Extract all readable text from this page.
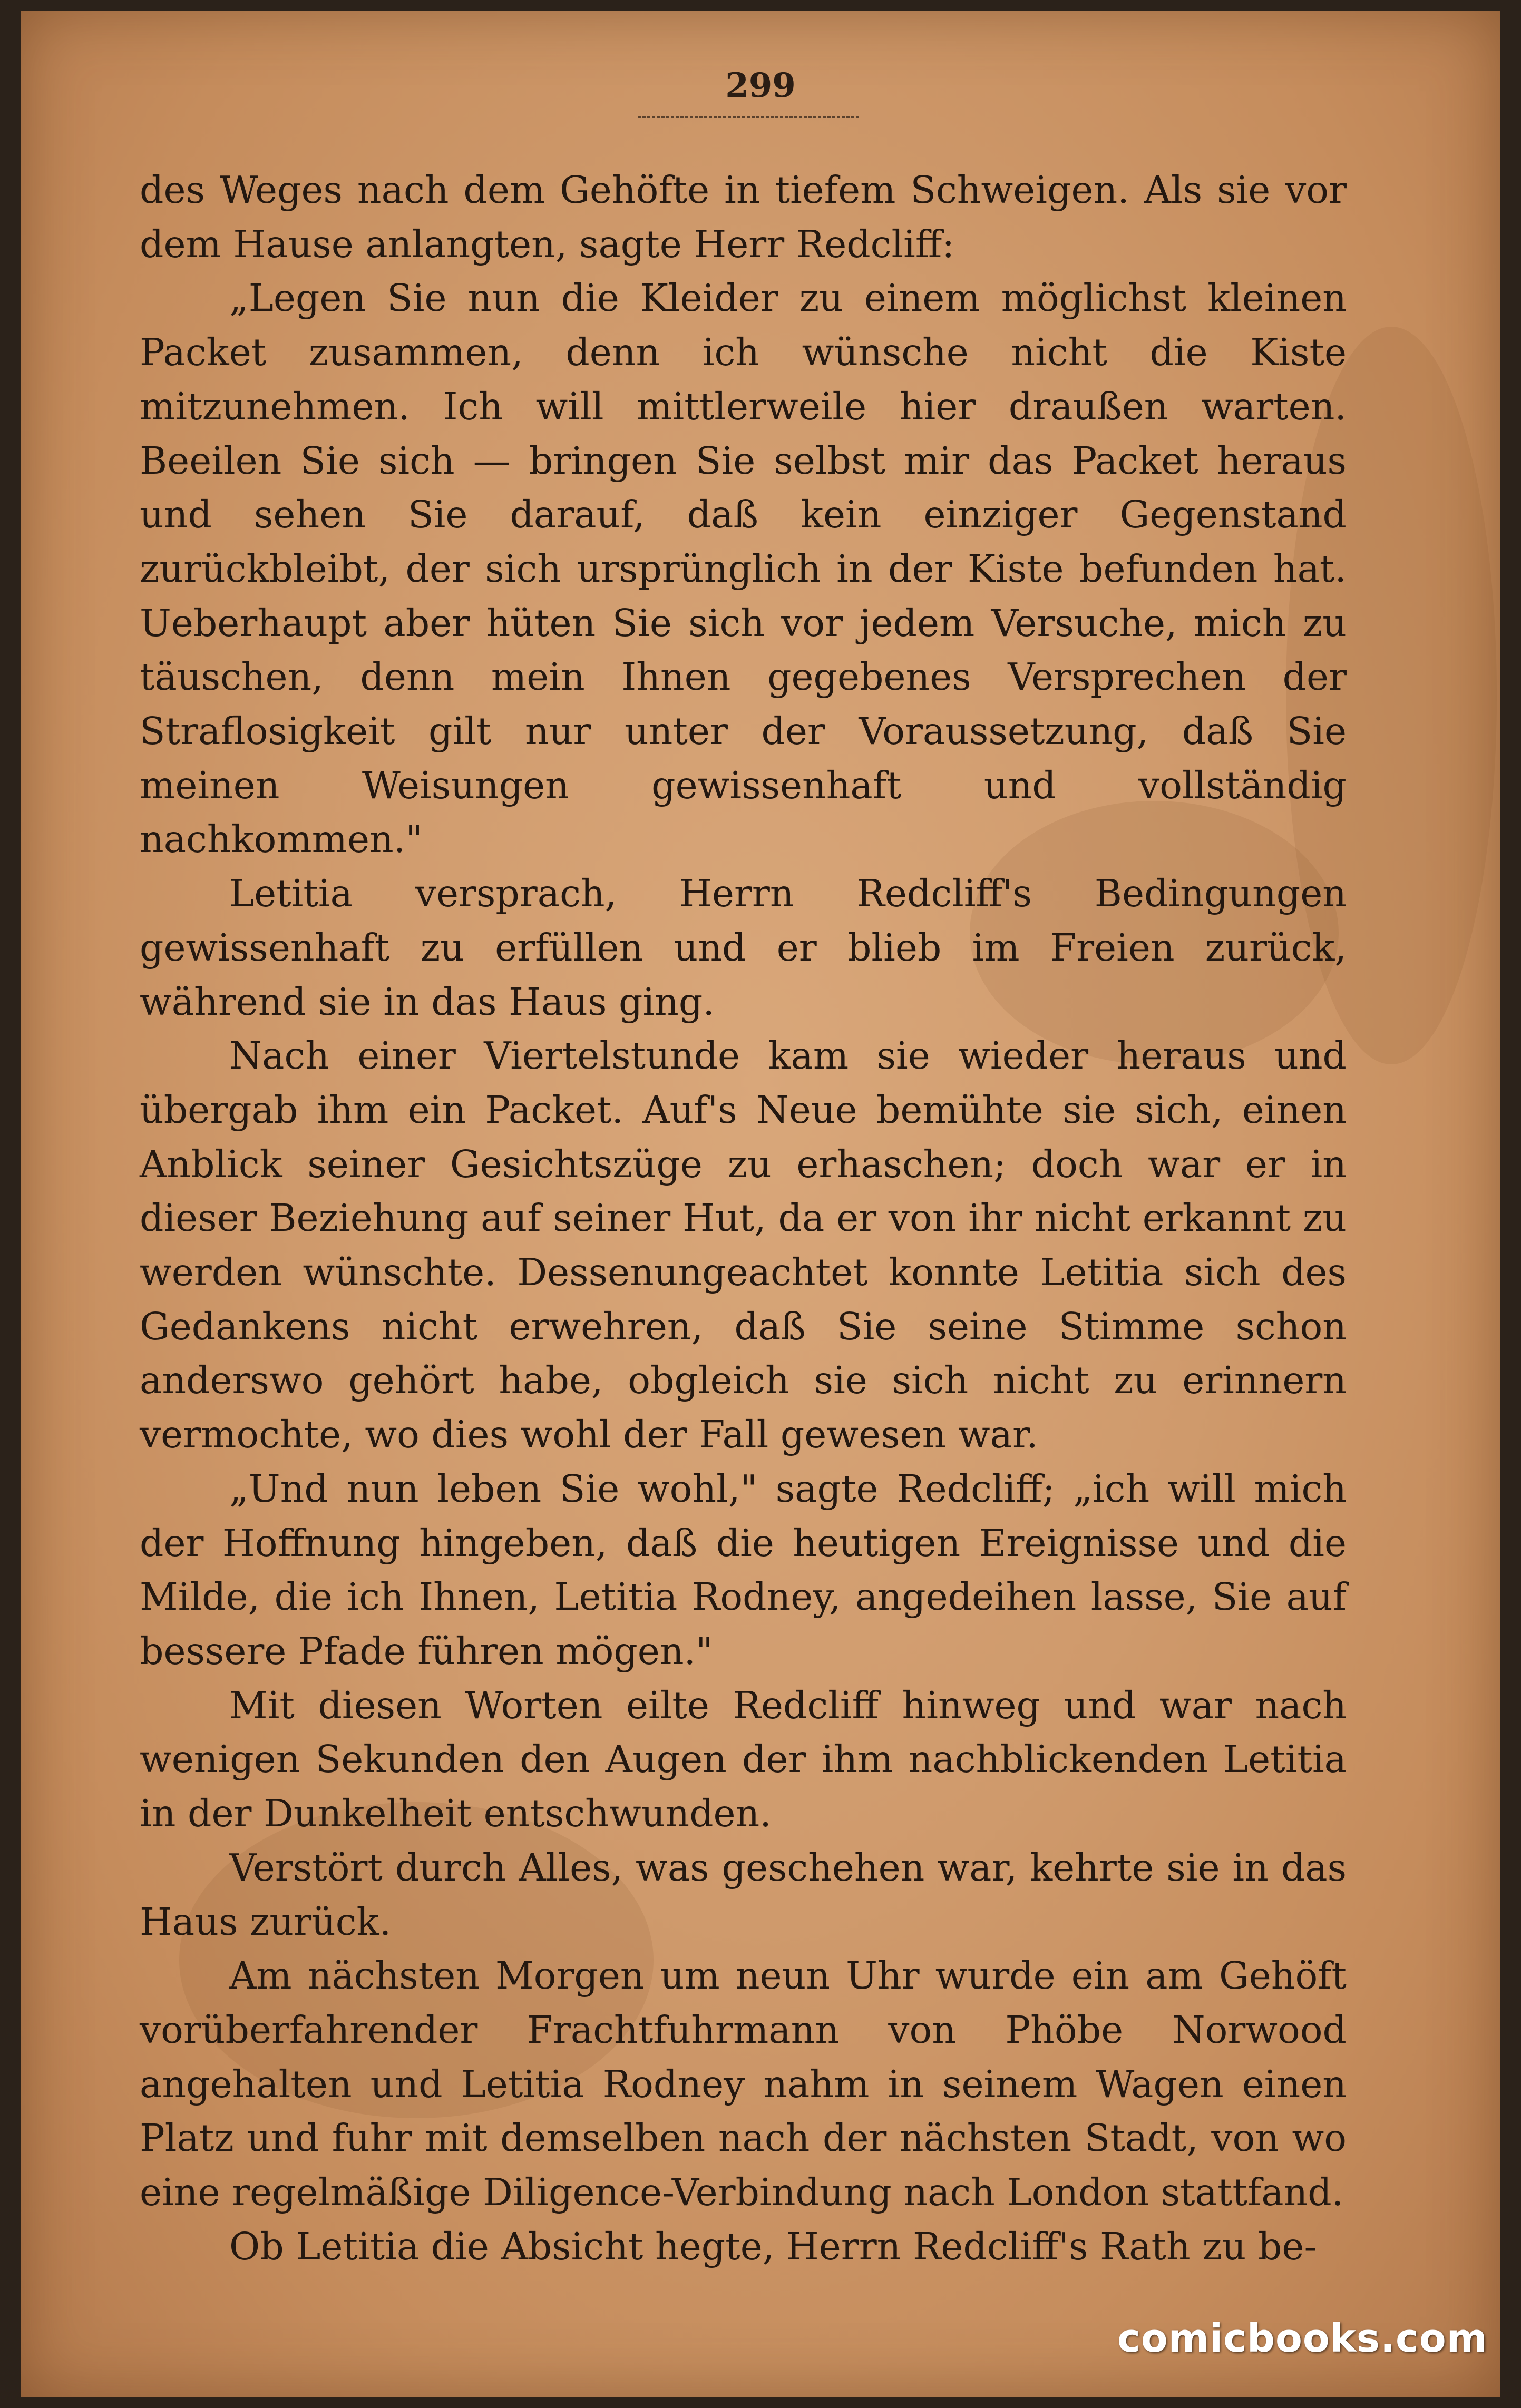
299

des Weges nach dem Gehöfte in tiefem Schweigen. Als sie vor dem Hause anlangten, sagte Herr Redcliff:

„Legen Sie nun die Kleider zu einem möglichst kleinen Packet zusammen, denn ich wünsche nicht die Kiste mitzunehmen. Ich will mittlerweile hier draußen warten. Beeilen Sie sich — bringen Sie selbst mir das Packet heraus und sehen Sie darauf, daß kein einziger Gegenstand zurückbleibt, der sich ursprünglich in der Kiste befunden hat. Ueberhaupt aber hüten Sie sich vor jedem Versuche, mich zu täuschen, denn mein Ihnen gegebenes Versprechen der Straflosigkeit gilt nur unter der Voraussetzung, daß Sie meinen Weisungen gewissenhaft und vollständig nachkommen."

Letitia versprach, Herrn Redcliff's Bedingungen gewissenhaft zu erfüllen und er blieb im Freien zurück, während sie in das Haus ging.

Nach einer Viertelstunde kam sie wieder heraus und übergab ihm ein Packet. Auf's Neue bemühte sie sich, einen Anblick seiner Gesichtszüge zu erhaschen; doch war er in dieser Beziehung auf seiner Hut, da er von ihr nicht erkannt zu werden wünschte. Dessenungeachtet konnte Letitia sich des Gedankens nicht erwehren, daß Sie seine Stimme schon anderswo gehört habe, obgleich sie sich nicht zu erinnern vermochte, wo dies wohl der Fall gewesen war.

„Und nun leben Sie wohl," sagte Redcliff; „ich will mich der Hoffnung hingeben, daß die heutigen Ereignisse und die Milde, die ich Ihnen, Letitia Rodney, angedeihen lasse, Sie auf bessere Pfade führen mögen."

Mit diesen Worten eilte Redcliff hinweg und war nach wenigen Sekunden den Augen der ihm nachblickenden Letitia in der Dunkelheit entschwunden.

Verstört durch Alles, was geschehen war, kehrte sie in das Haus zurück.

Am nächsten Morgen um neun Uhr wurde ein am Gehöft vorüberfahrender Frachtfuhrmann von Phöbe Norwood angehalten und Letitia Rodney nahm in seinem Wagen einen Platz und fuhr mit demselben nach der nächsten Stadt, von wo eine regelmäßige Diligence-Verbindung nach London stattfand.

Ob Letitia die Absicht hegte, Herrn Redcliff's Rath zu be-

comicbooks.com
